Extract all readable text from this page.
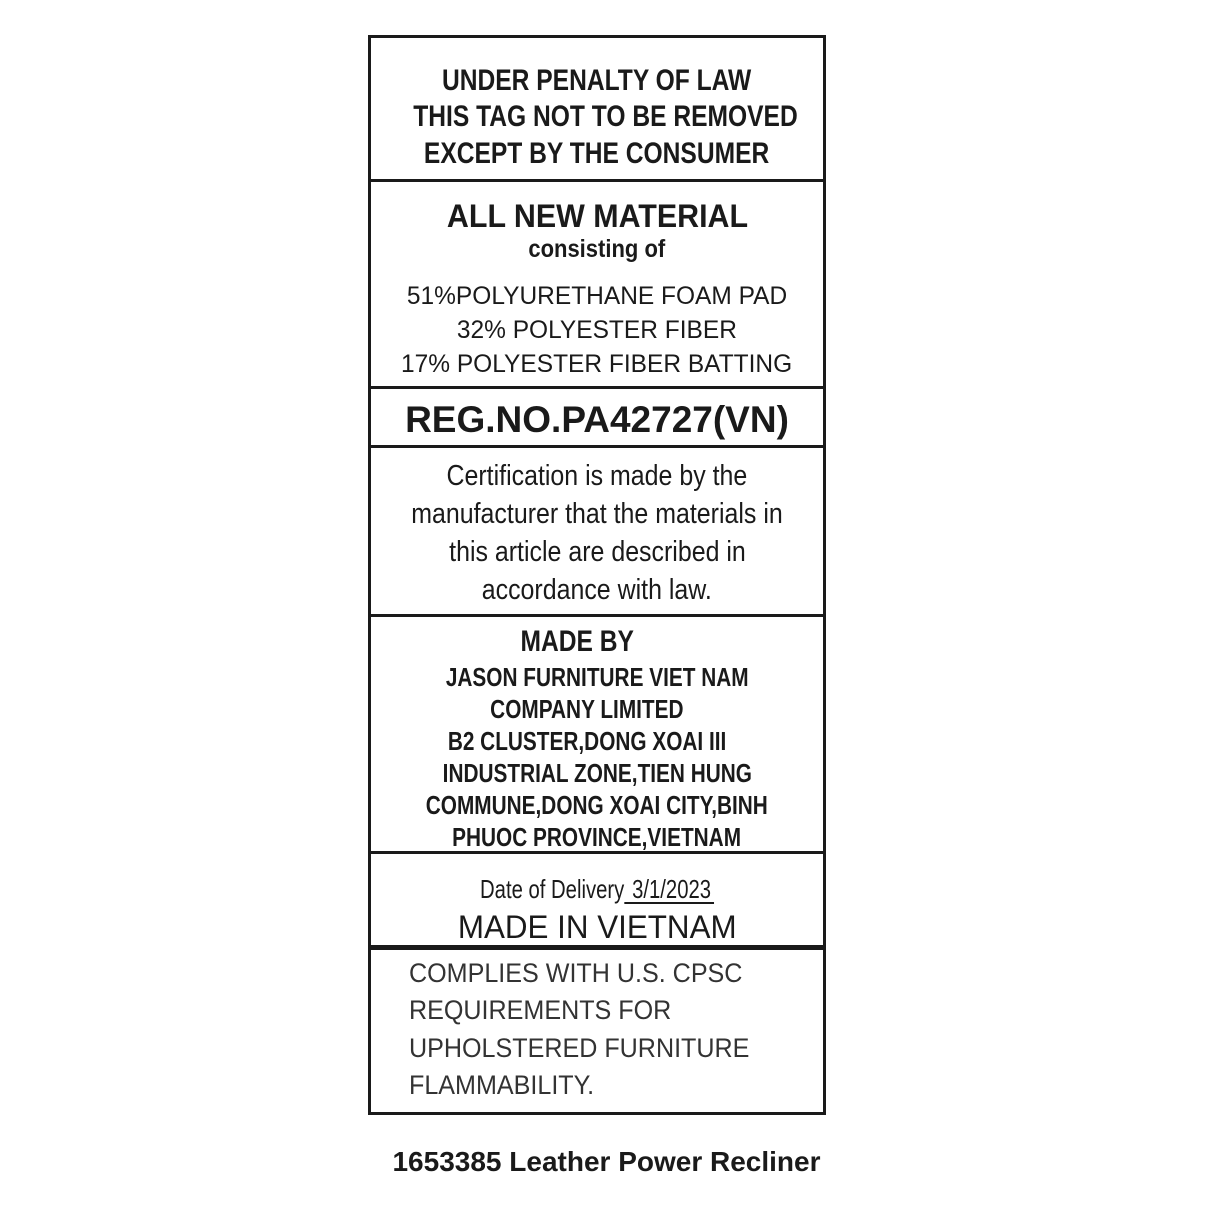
UNDER PENALTY OF LAW
THIS TAG NOT TO BE REMOVED
EXCEPT BY THE CONSUMER
ALL NEW MATERIAL
consisting of
51%POLYURETHANE FOAM PAD
32% POLYESTER FIBER
17% POLYESTER FIBER BATTING
REG.NO.PA42727(VN)
Certification is made by the
manufacturer that the materials in
this article are described in
accordance with law.
MADE BY
JASON FURNITURE VIET NAM
COMPANY LIMITED
B2 CLUSTER,DONG XOAI III
INDUSTRIAL ZONE,TIEN HUNG
COMMUNE,DONG XOAI CITY,BINH
PHUOC PROVINCE,VIETNAM
Date of Delivery 3/1/2023
MADE IN VIETNAM
COMPLIES WITH U.S. CPSC
REQUIREMENTS FOR
UPHOLSTERED FURNITURE
FLAMMABILITY.
1653385 Leather Power Recliner
